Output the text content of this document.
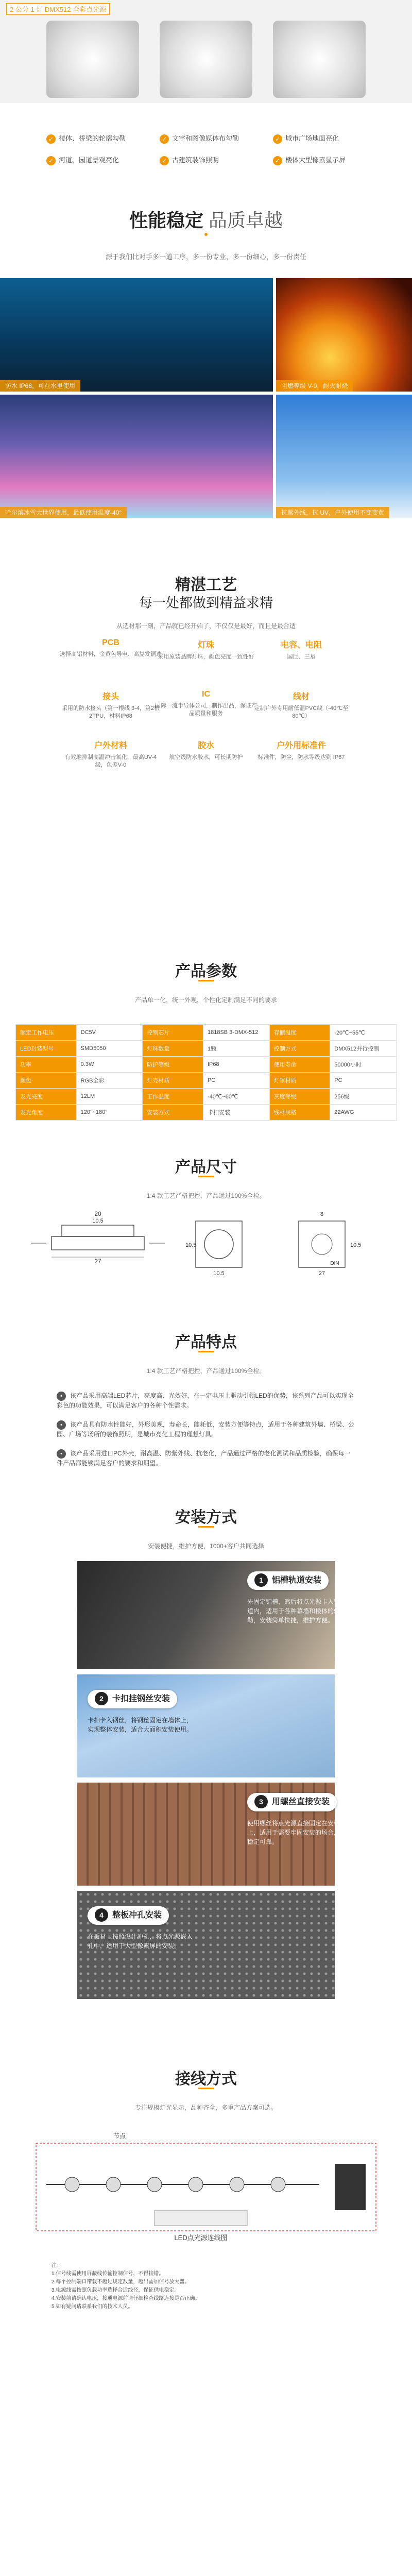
2 公分 1 灯 DMX512 全彩点光源
✓ 楼体、桥梁的轮廓勾勒	✓ 文字和图像媒体布勾勒	✓ 城市广场地面亮化
✓ 河道、园道景观亮化	✓ 古建筑装饰照明	✓ 楼体大型像素显示屏
性能稳定 品质卓越
源于我们比对手多一道工序，多一份专业，多一份细心，多一份责任
防水 IP68，可在水里使用	阻燃等级 V-0，耐火耐烧
哈尔滨冰雪大世界使用，最低使用温度-40°	抗紫外线，抗 UV，户外使用不变变黄
精湛工艺
每一处都做到精益求精
从选材那一刻，产品就已经开始了，不仅仅是最好，而且是最合适
PCB
选择高铝材料，金黄色导电、高复发铜选
灯珠
采用原装品牌灯珠，颜色亮度一致性好
电容、电阻
国巨、三星
接头
采用的防水接头（第一根线 3-4，第2根 2TPU，材料IP68
IC
国际一流半导体公司，制作出品，保证产品质量和服务
线材
定制户外专用耐低温PVC线（-40℃至80℃）
户外材料
有效地抑制高温冲击氧化，最高UV-4级，色差V-0
胶水
航空级防水胶水，可长期防护
户外用标准件
标准件，防尘，防水等级达到 IP67
产品参数
产品单一化，统一外观，个性化定制满足不同的要求
额定工作电压	DC5V	控制芯片	1818SB 3-DMX-512	存储温度	-20℃~55℃
LED封装型号	SMD5050	灯珠数量	1颗	控制方式	DMX512并行控制
功率	0.3W	防护等级	IP68	使用寿命	50000小时
颜色	RGB全彩	灯壳材质	PC	灯罩材质	PC
发光亮度	12LM	工作温度	-40℃~60℃	灰度等级	256级
发光角度	120°~180°	安装方式	卡扣安装	线材规格	22AWG
产品尺寸
1:4 款工艺严格把控，产品通过100%全检。
20
10.5
27
10.5
10.5
8
10.5
27
DIN
产品特点
1:4 款工艺严格把控，产品通过100%全检。
• 该产品采用高端LED芯片，亮度高、光效好，在一定电压上驱动引领LED的优势，该系列产品可以实现全彩色的功能效果，可以满足客户的各种个性需求。
• 该产品具有防水性能好，外形美观，寿命长，能耗低，安装方便等特点，适用于各种建筑外墙、桥梁、公园、广场等场所的装饰照明，是城市亮化工程的理想灯具。
• 该产品采用进口PC外壳，耐高温、防紫外线、抗老化，产品通过严格的老化测试和品质检验，确保每一件产品都能够满足客户的要求和期望。
安装方式
安装便捷，维护方便，1000+客户共同选择
1 铝槽轨道安装
先固定铝槽，然后将点光源卡入铝槽轨道内，适用于各种幕墙和楼体的轮廓勾勒，安装简单快捷，维护方便。
2 卡扣挂钢丝安装
卡扣卡入钢丝，将钢丝固定在墙体上，实现整体安装，适合大面积安装使用。
3 用螺丝直接安装
使用螺丝将点光源直接固定在安装面上，适用于需要牢固安装的场合，安装稳定可靠。
4 整板冲孔安装
在板材上按照设计冲孔，将点光源嵌入孔中，适用于大型像素屏的安装。
接线方式
专注规模灯光显示，品种齐全，多重产品方案可选。
节点
LED点光源连线图
注：
1.信号线需使用屏蔽线传输控制信号，不得接错。
2.每个控制端口带载不超过规定数量，超出需加信号放大器。
3.电源线需按照负载功率选择合适线径，保证供电稳定。
4.安装前请确认电压，接通电源前请仔细检查线路连接是否正确。
5.如有疑问请联系我们的技术人员。
